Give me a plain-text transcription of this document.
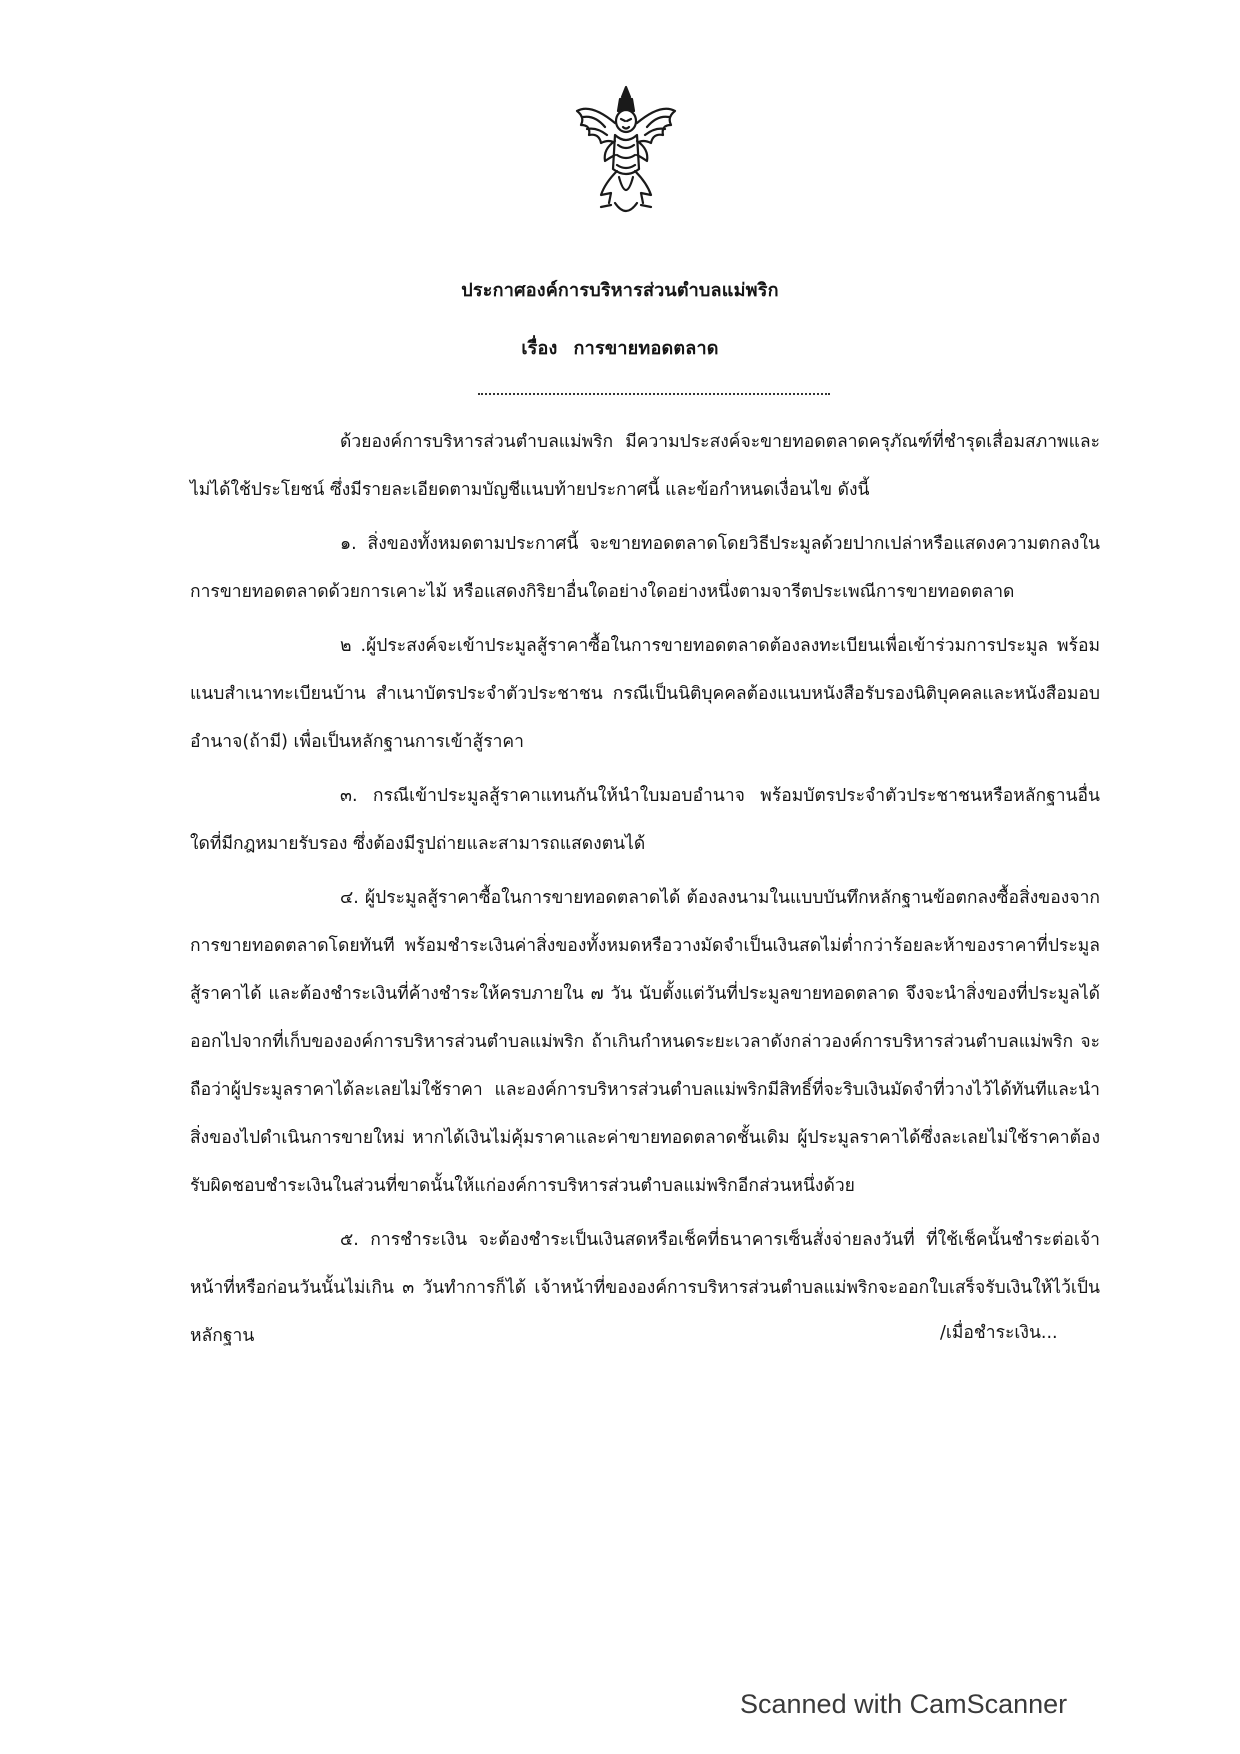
ประกาศองค์การบริหารส่วนตำบลแม่พริก
เรื่อง การขายทอดตลาด

ด้วยองค์การบริหารส่วนตำบลแม่พริก มีความประสงค์จะขายทอดตลาดครุภัณฑ์ที่ชำรุดเสื่อมสภาพและไม่ได้ใช้ประโยชน์ ซึ่งมีรายละเอียดตามบัญชีแนบท้ายประกาศนี้ และข้อกำหนดเงื่อนไข ดังนี้

๑. สิ่งของทั้งหมดตามประกาศนี้ จะขายทอดตลาดโดยวิธีประมูลด้วยปากเปล่าหรือแสดงความตกลงในการขายทอดตลาดด้วยการเคาะไม้ หรือแสดงกิริยาอื่นใดอย่างใดอย่างหนึ่งตามจารีตประเพณีการขายทอดตลาด

๒ .ผู้ประสงค์จะเข้าประมูลสู้ราคาซื้อในการขายทอดตลาดต้องลงทะเบียนเพื่อเข้าร่วมการประมูล พร้อมแนบสำเนาทะเบียนบ้าน สำเนาบัตรประจำตัวประชาชน กรณีเป็นนิติบุคคลต้องแนบหนังสือรับรองนิติบุคคลและหนังสือมอบอำนาจ(ถ้ามี) เพื่อเป็นหลักฐานการเข้าสู้ราคา

๓. กรณีเข้าประมูลสู้ราคาแทนกันให้นำใบมอบอำนาจ พร้อมบัตรประจำตัวประชาชนหรือหลักฐานอื่นใดที่มีกฎหมายรับรอง ซึ่งต้องมีรูปถ่ายและสามารถแสดงตนได้

๔. ผู้ประมูลสู้ราคาซื้อในการขายทอดตลาดได้ ต้องลงนามในแบบบันทึกหลักฐานข้อตกลงซื้อสิ่งของจากการขายทอดตลาดโดยทันที พร้อมชำระเงินค่าสิ่งของทั้งหมดหรือวางมัดจำเป็นเงินสดไม่ต่ำกว่าร้อยละห้าของราคาที่ประมูลสู้ราคาได้ และต้องชำระเงินที่ค้างชำระให้ครบภายใน ๗ วัน นับตั้งแต่วันที่ประมูลขายทอดตลาด จึงจะนำสิ่งของที่ประมูลได้ออกไปจากที่เก็บขององค์การบริหารส่วนตำบลแม่พริก ถ้าเกินกำหนดระยะเวลาดังกล่าวองค์การบริหารส่วนตำบลแม่พริก จะถือว่าผู้ประมูลราคาได้ละเลยไม่ใช้ราคา และองค์การบริหารส่วนตำบลแม่พริกมีสิทธิ์ที่จะริบเงินมัดจำที่วางไว้ได้ทันทีและนำสิ่งของไปดำเนินการขายใหม่ หากได้เงินไม่คุ้มราคาและค่าขายทอดตลาดชั้นเดิม ผู้ประมูลราคาได้ซึ่งละเลยไม่ใช้ราคาต้องรับผิดชอบชำระเงินในส่วนที่ขาดนั้นให้แก่องค์การบริหารส่วนตำบลแม่พริกอีกส่วนหนึ่งด้วย

๕. การชำระเงิน จะต้องชำระเป็นเงินสดหรือเช็คที่ธนาคารเซ็นสั่งจ่ายลงวันที่ ที่ใช้เช็คนั้นชำระต่อเจ้าหน้าที่หรือก่อนวันนั้นไม่เกิน ๓ วันทำการก็ได้ เจ้าหน้าที่ขององค์การบริหารส่วนตำบลแม่พริกจะออกใบเสร็จรับเงินให้ไว้เป็นหลักฐาน	/เมื่อชำระเงิน...
Scanned with CamScanner
